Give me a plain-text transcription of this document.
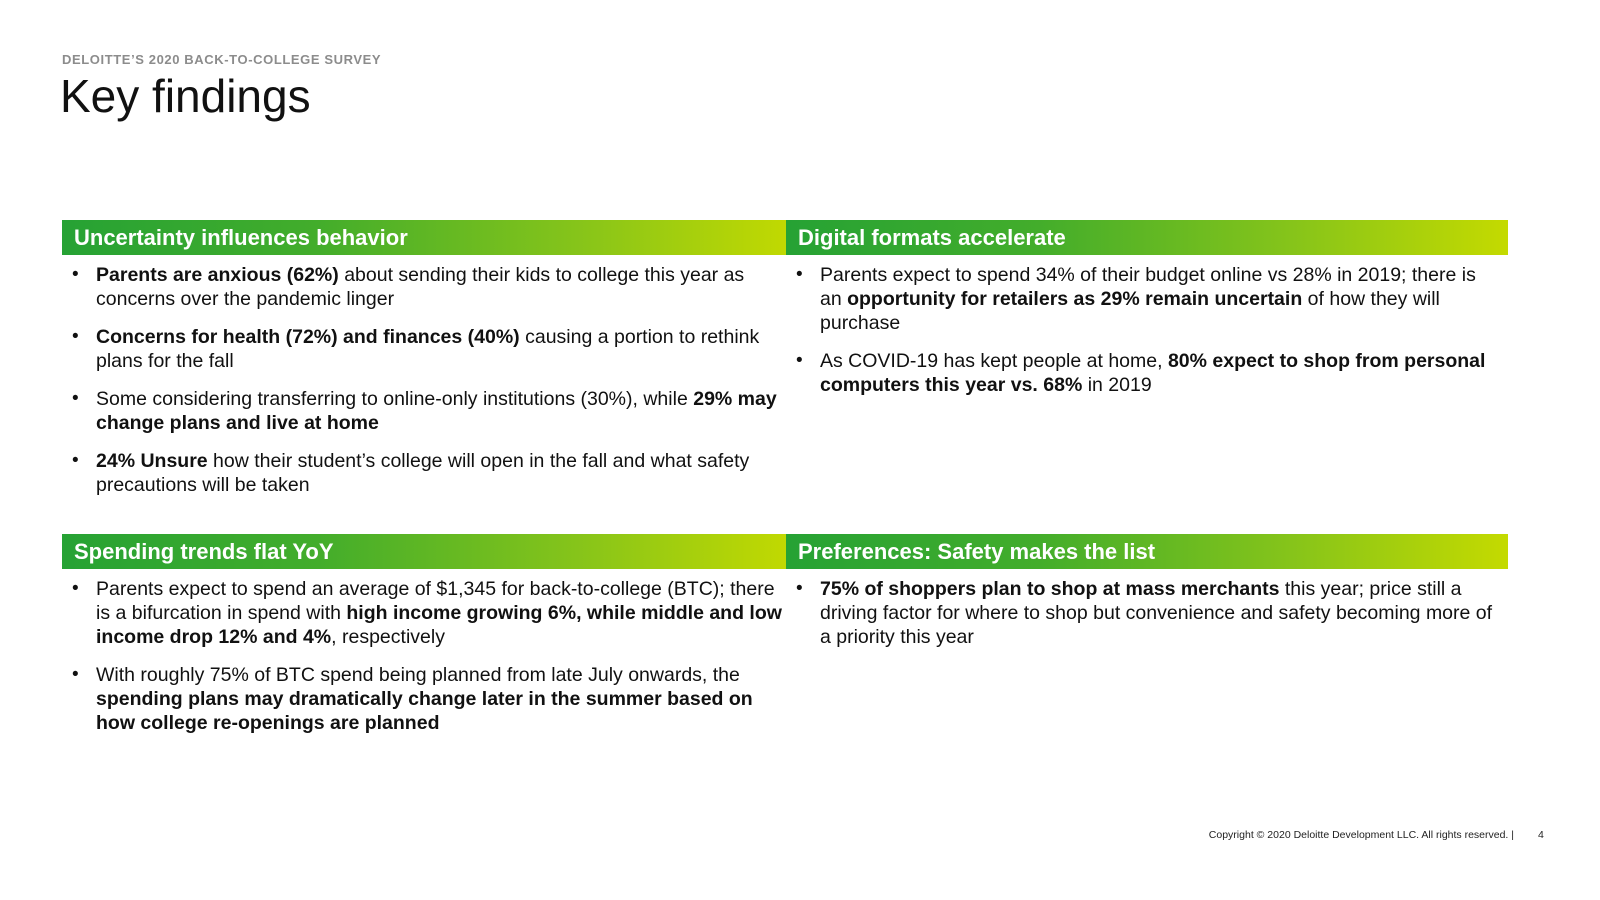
DELOITTE’S 2020 BACK-TO-COLLEGE SURVEY
Key findings
Uncertainty influences behavior
• Parents are anxious (62%) about sending their kids to college this year as concerns over the pandemic linger
• Concerns for health (72%) and finances (40%) causing a portion to rethink plans for the fall
• Some considering transferring to online-only institutions (30%), while 29% may change plans and live at home
• 24% Unsure how their student’s college will open in the fall and what safety precautions will be taken
Digital formats accelerate
• Parents expect to spend 34% of their budget online vs 28% in 2019; there is an opportunity for retailers as 29% remain uncertain of how they will purchase
• As COVID-19 has kept people at home, 80% expect to shop from personal computers this year vs. 68% in 2019
Spending trends flat YoY
• Parents expect to spend an average of $1,345 for back-to-college (BTC); there is a bifurcation in spend with high income growing 6%, while middle and low income drop 12% and 4%, respectively
• With roughly 75% of BTC spend being planned from late July onwards, the spending plans may dramatically change later in the summer based on how college re-openings are planned
Preferences: Safety makes the list
• 75% of shoppers plan to shop at mass merchants this year; price still a driving factor for where to shop but convenience and safety becoming more of a priority this year
Copyright © 2020 Deloitte Development LLC. All rights reserved. | 4
